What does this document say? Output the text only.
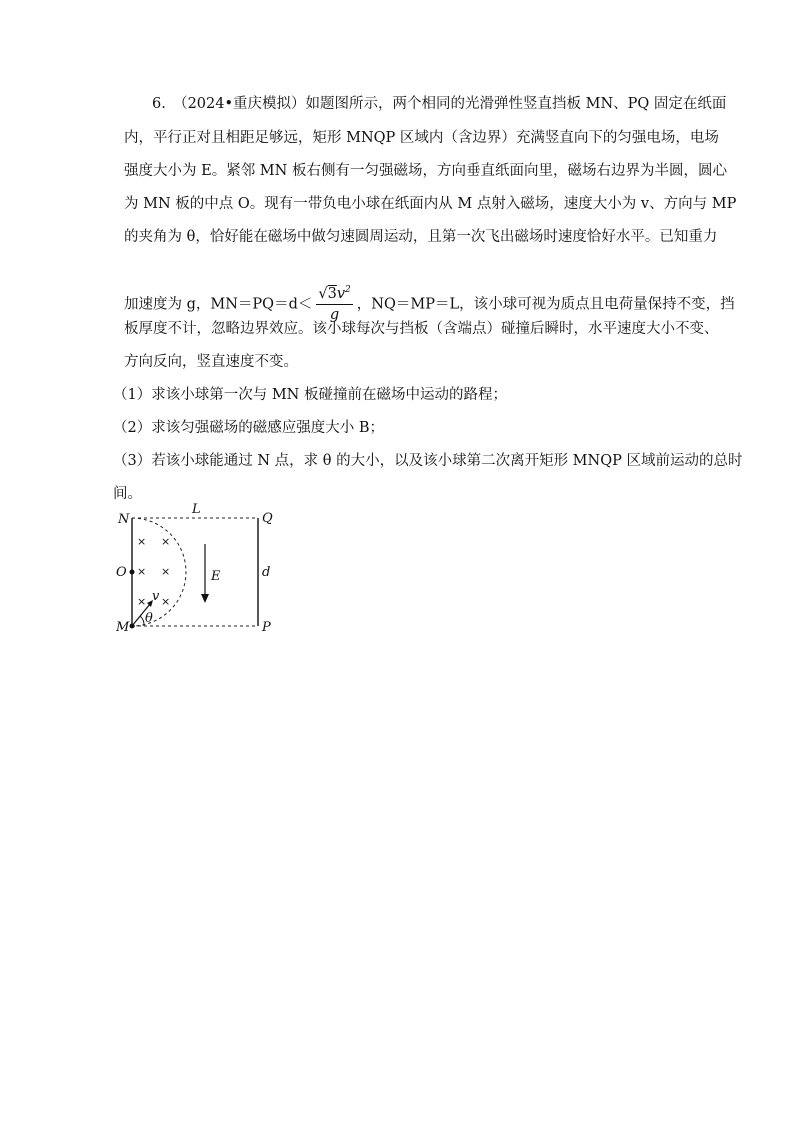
6.　（2024•重庆模拟）如题图所示，两个相同的光滑弹性竖直挡板 MN、PQ 固定在纸面
内，平行正对且相距足够远，矩形 MNQP 区域内（含边界）充满竖直向下的匀强电场，电场
强度大小为 E。紧邻 MN 板右侧有一匀强磁场，方向垂直纸面向里，磁场右边界为半圆，圆心
为 MN 板的中点 O。现有一带负电小球在纸面内从 M 点射入磁场，速度大小为 v、方向与 MP
的夹角为 θ，恰好能在磁场中做匀速圆周运动，且第一次飞出磁场时速度恰好水平。已知重力
加速度为 g，$MN=PQ=d< \frac{√3v^2}{g}$ ，NQ＝MP＝L，该小球可视为质点且电荷量保持不变，挡
板厚度不计，忽略边界效应。该小球每次与挡板（含端点）碰撞后瞬时，水平速度大小不变、
方向反向，竖直速度不变。
（1）求该小球第一次与 MN 板碰撞前在磁场中运动的路程；
（2）求该匀强磁场的磁感应强度大小 B；
（3）若该小球能通过 N 点，求 θ 的大小，以及该小球第二次离开矩形 MNQP 区域前运动的总时
间。
× ×
× ×
× ×
N	Q
O
M	P
L
d
E
v
θ
